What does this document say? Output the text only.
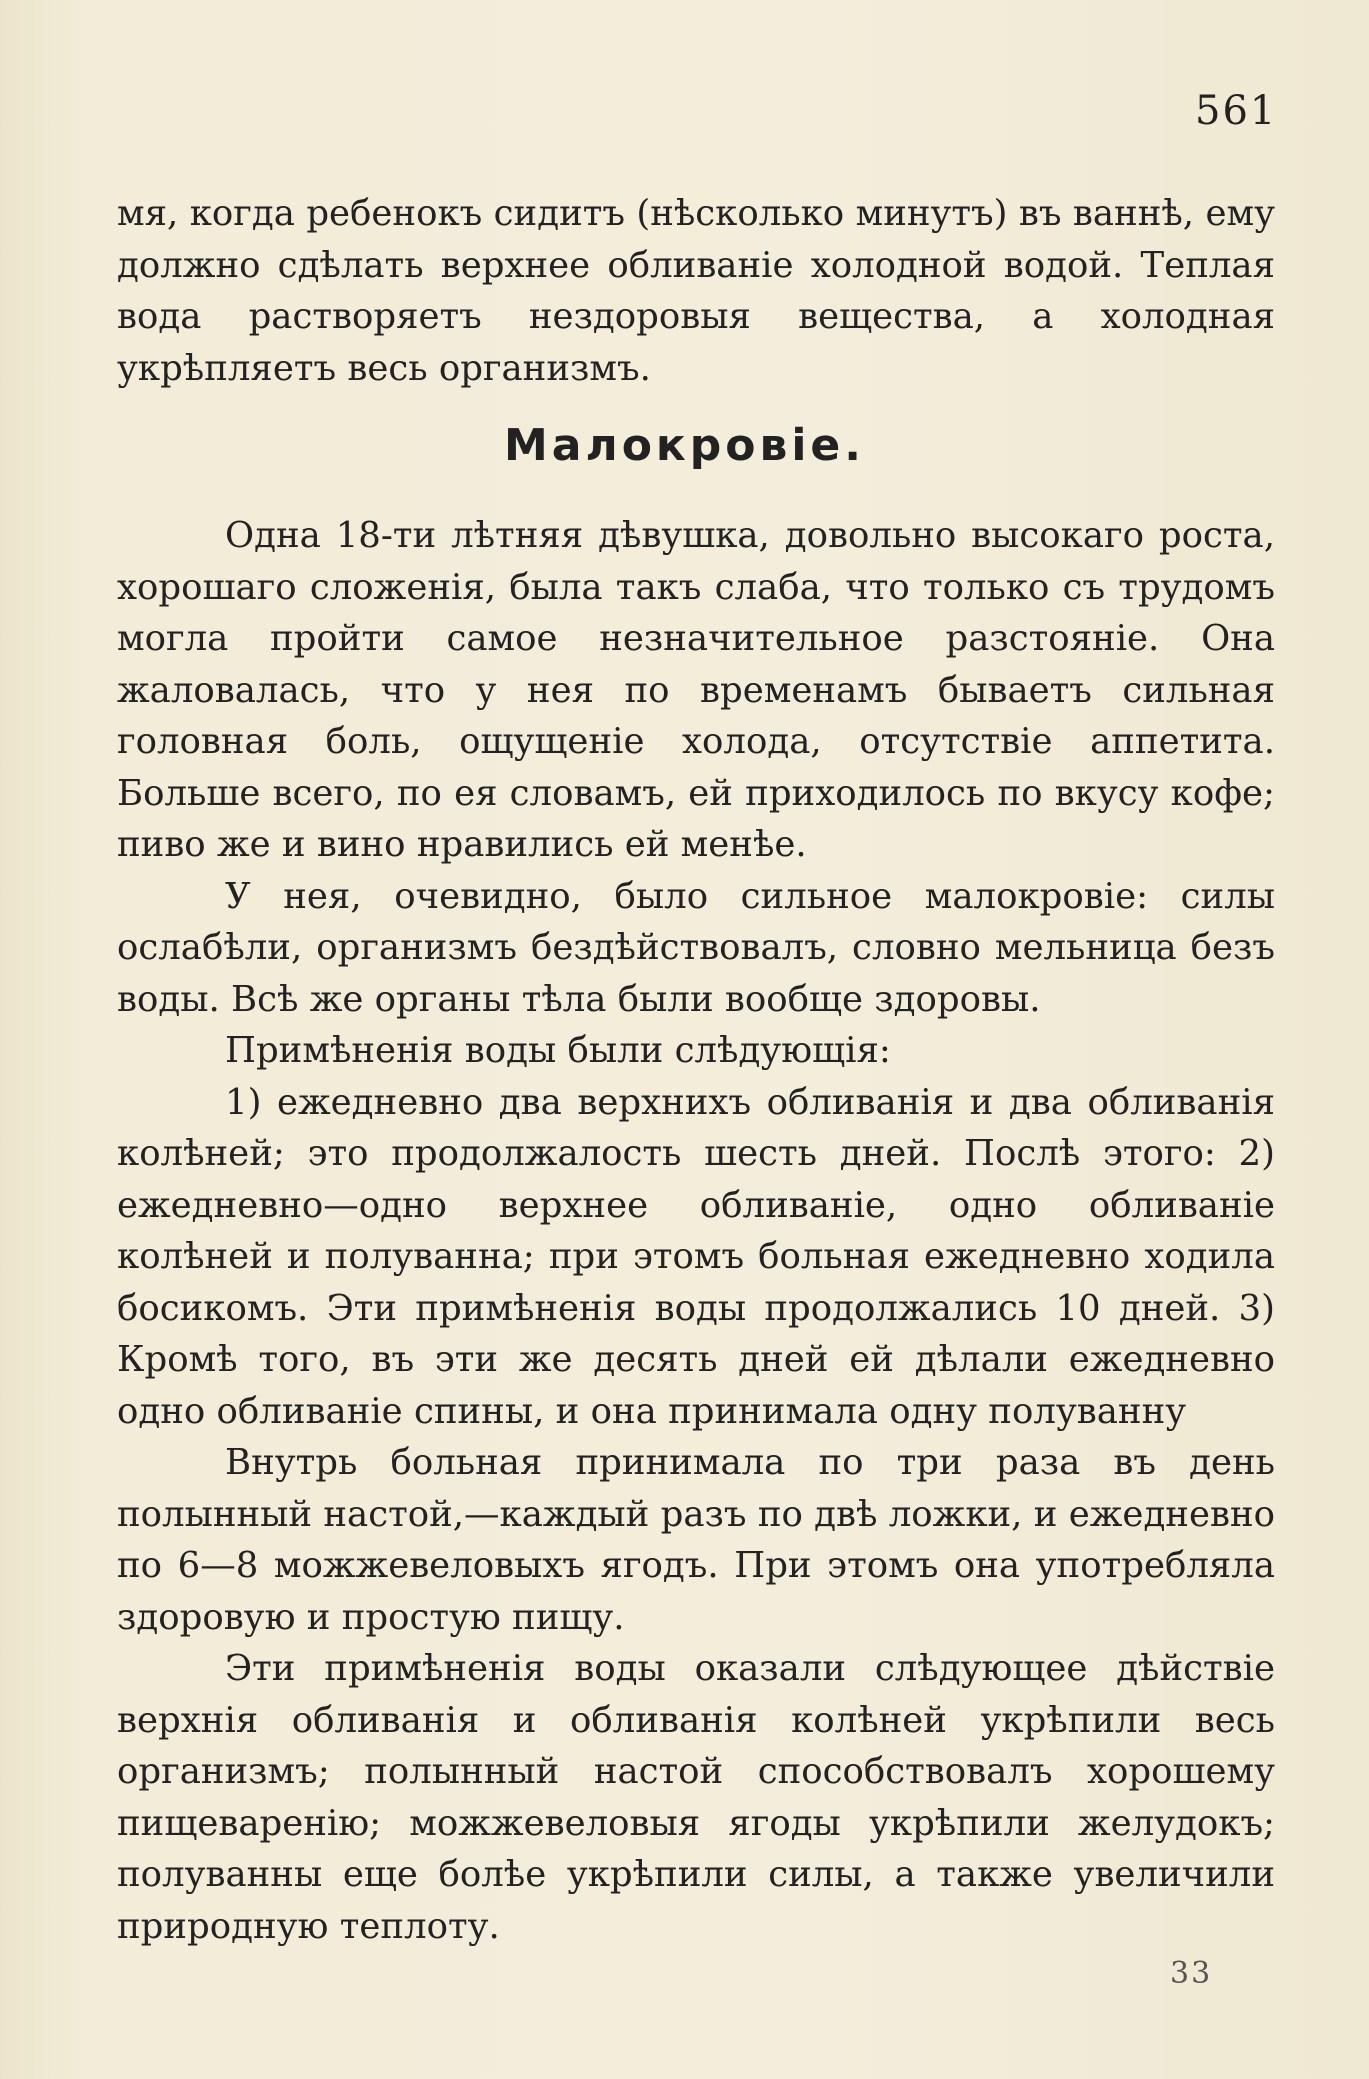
561

мя, когда ребенокъ сидитъ (нѣсколько минутъ) въ ваннѣ, ему должно сдѣлать верхнее обливаніе холодной водой. Теплая вода растворяетъ нездоровыя вещества, а холодная укрѣпляетъ весь организмъ.

Малокровіе.

Одна 18-ти лѣтняя дѣвушка, довольно высокаго роста, хорошаго сложенія, была такъ слаба, что только съ трудомъ могла пройти самое незначительное разстояніе. Она жаловалась, что у нея по временамъ бываетъ сильная головная боль, ощущеніе холода, отсутствіе аппетита. Больше всего, по ея словамъ, ей приходилось по вкусу кофе; пиво же и вино нравились ей менѣе.

У нея, очевидно, было сильное малокровіе: силы ослабѣли, организмъ бездѣйствовалъ, словно мельница безъ воды. Всѣ же органы тѣла были вообще здоровы.

Примѣненія воды были слѣдующія:

1) ежедневно два верхнихъ обливанія и два обливанія колѣней; это продолжалость шесть дней. Послѣ этого: 2) ежедневно—одно верхнее обливаніе, одно обливаніе колѣней и полуванна; при этомъ больная ежедневно ходила босикомъ. Эти примѣненія воды продолжались 10 дней. 3) Кромѣ того, въ эти же десять дней ей дѣлали ежедневно одно обливаніе спины, и она принимала одну полуванну

Внутрь больная принимала по три раза въ день полынный настой,—каждый разъ по двѣ ложки, и ежедневно по 6—8 можжевеловыхъ ягодъ. При этомъ она употребляла здоровую и простую пищу.

Эти примѣненія воды оказали слѣдующее дѣйствіе верхнія обливанія и обливанія колѣней укрѣпили весь организмъ; полынный настой способствовалъ хорошему пищеваренію; можжевеловыя ягоды укрѣпили желудокъ; полуванны еще болѣе укрѣпили силы, а также увеличили природную теплоту.

33
